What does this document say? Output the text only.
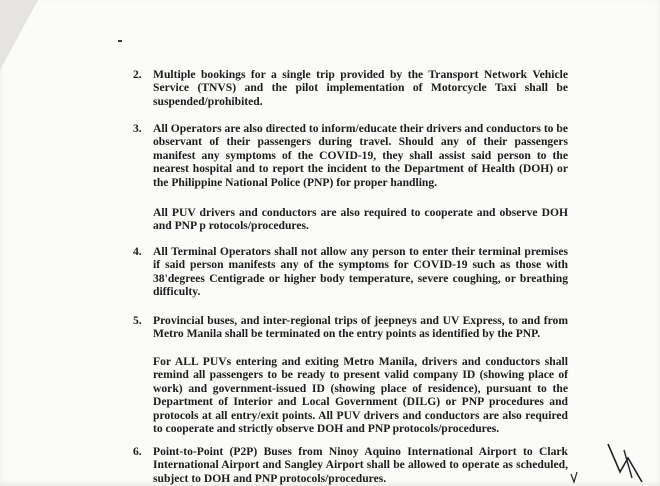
2. Multiple bookings for a single trip provided by the Transport Network Vehicle Service (TNVS) and the pilot implementation of Motorcycle Taxi shall be suspended/prohibited.
3. All Operators are also directed to inform/educate their drivers and conductors to be observant of their passengers during travel. Should any of their passengers manifest any symptoms of the COVID-19, they shall assist said person to the nearest hospital and to report the incident to the Department of Health (DOH) or the Philippine National Police (PNP) for proper handling.
All PUV drivers and conductors are also required to cooperate and observe DOH and PNP p rotocols/procedures.
4. All Terminal Operators shall not allow any person to enter their terminal premises if said person manifests any of the symptoms for COVID-19 such as those with 38'degrees Centigrade or higher body temperature, severe coughing, or breathing difficulty.
5. Provincial buses, and inter-regional trips of jeepneys and UV Express, to and from Metro Manila shall be terminated on the entry points as identified by the PNP.
For ALL PUVs entering and exiting Metro Manila, drivers and conductors shall remind all passengers to be ready to present valid company ID (showing place of work) and government-issued ID (showing place of residence), pursuant to the Department of Interior and Local Government (DILG) or PNP procedures and protocols at all entry/exit points. All PUV drivers and conductors are also required to cooperate and strictly observe DOH and PNP protocols/procedures.
6. Point-to-Point (P2P) Buses from Ninoy Aquino International Airport to Clark International Airport and Sangley Airport shall be allowed to operate as scheduled, subject to DOH and PNP protocols/procedures.
